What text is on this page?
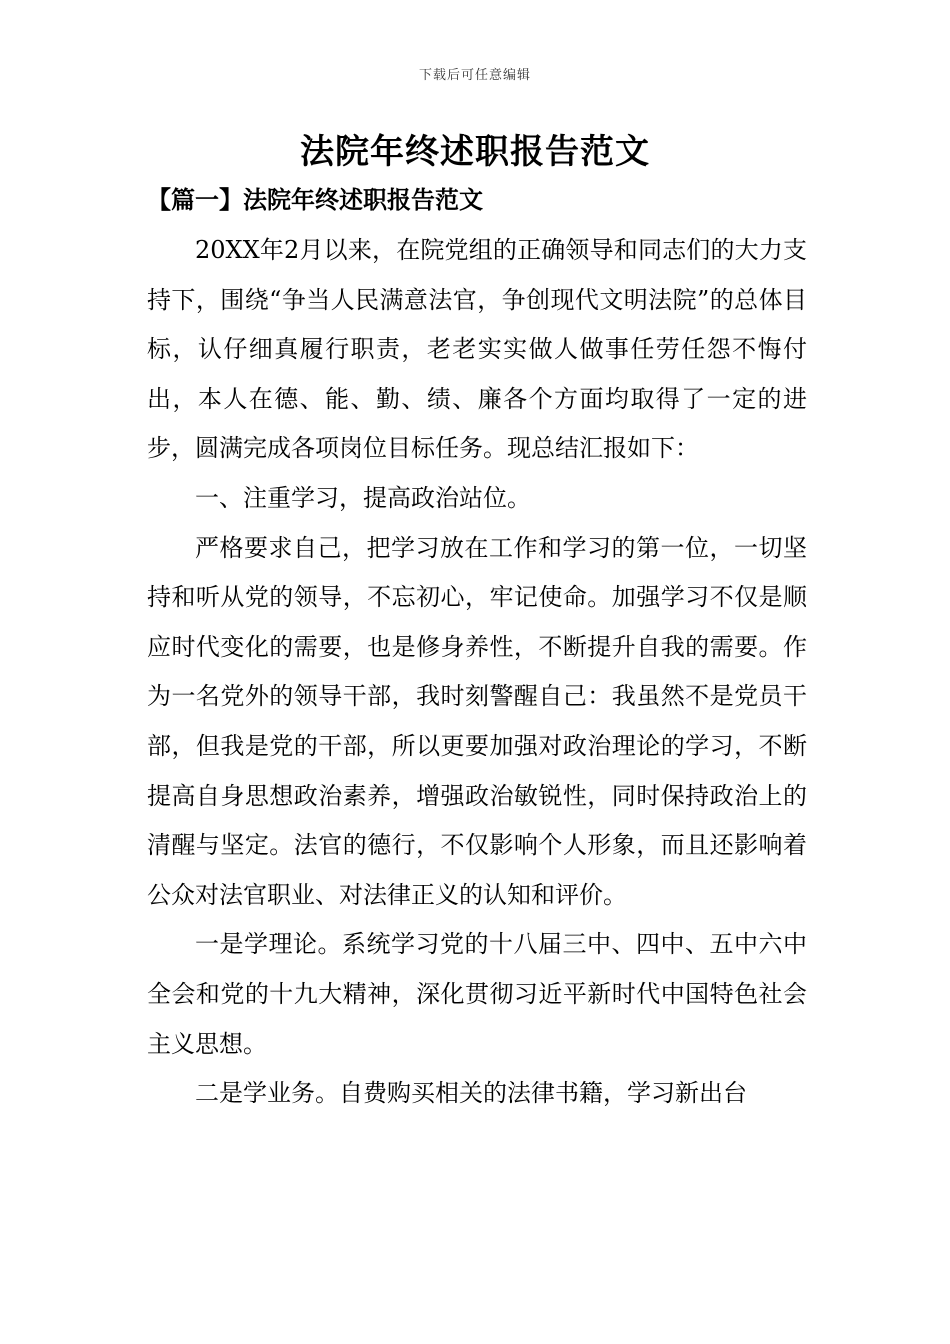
下载后可任意编辑
法院年终述职报告范文
【篇一】法院年终述职报告范文

20XX年2月以来，在院党组的正确领导和同志们的大力支持下，围绕“争当人民满意法官，争创现代文明法院”的总体目标，认仔细真履行职责，老老实实做人做事任劳任怨不悔付出，本人在德、能、勤、绩、廉各个方面均取得了一定的进步，圆满完成各项岗位目标任务。现总结汇报如下：

一、注重学习，提高政治站位。

严格要求自己，把学习放在工作和学习的第一位，一切坚持和听从党的领导，不忘初心，牢记使命。加强学习不仅是顺应时代变化的需要，也是修身养性，不断提升自我的需要。作为一名党外的领导干部，我时刻警醒自己：我虽然不是党员干部，但我是党的干部，所以更要加强对政治理论的学习，不断提高自身思想政治素养，增强政治敏锐性，同时保持政治上的清醒与坚定。法官的德行，不仅影响个人形象，而且还影响着公众对法官职业、对法律正义的认知和评价。

一是学理论。系统学习党的十八届三中、四中、五中六中全会和党的十九大精神，深化贯彻习近平新时代中国特色社会主义思想。

二是学业务。自费购买相关的法律书籍，学习新出台
